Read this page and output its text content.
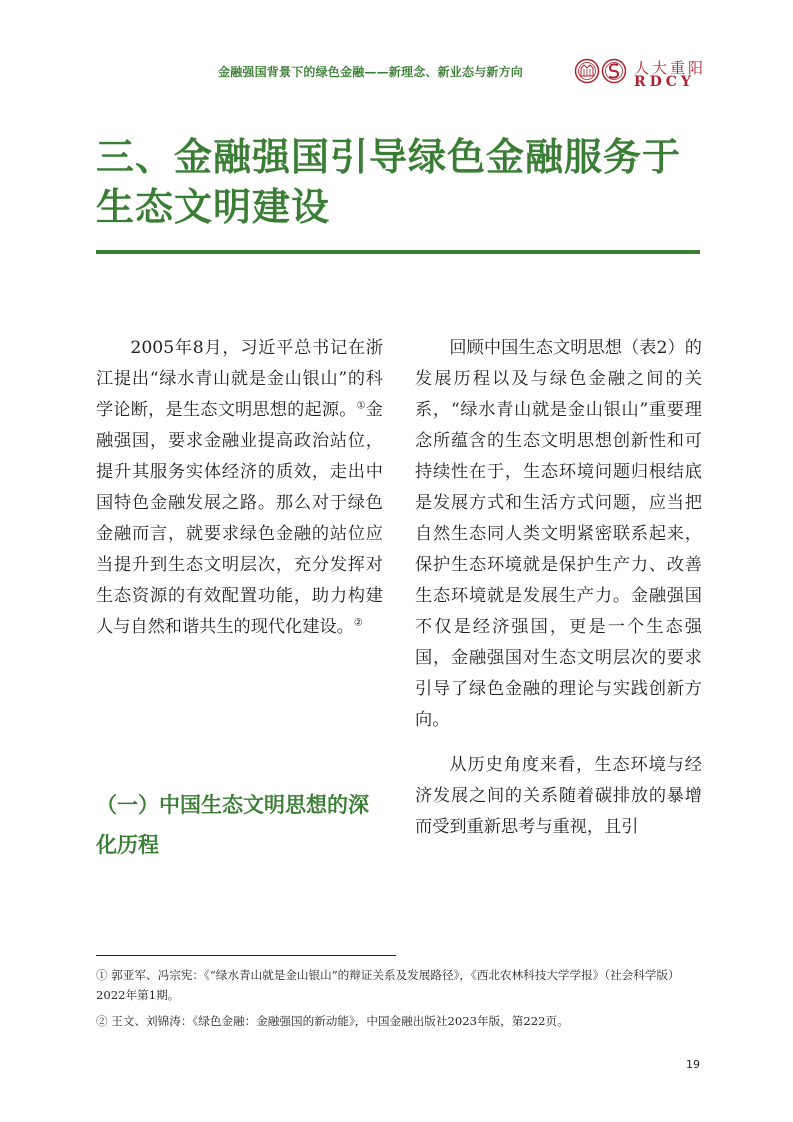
金融强国背景下的绿色金融——新理念、新业态与新方向	人大重阳
RDCY
三、金融强国引导绿色金融服务于生态文明建设

2005年8月，习近平总书记在浙江提出“绿水青山就是金山银山”的科学论断，是生态文明思想的起源。①金融强国，要求金融业提高政治站位，提升其服务实体经济的质效，走出中国特色金融发展之路。那么对于绿色金融而言，就要求绿色金融的站位应当提升到生态文明层次，充分发挥对生态资源的有效配置功能，助力构建人与自然和谐共生的现代化建设。②

（一）中国生态文明思想的深化历程

回顾中国生态文明思想（表2）的发展历程以及与绿色金融之间的关系，“绿水青山就是金山银山”重要理念所蕴含的生态文明思想创新性和可持续性在于，生态环境问题归根结底是发展方式和生活方式问题，应当把自然生态同人类文明紧密联系起来，保护生态环境就是保护生产力、改善生态环境就是发展生产力。金融强国不仅是经济强国，更是一个生态强国，金融强国对生态文明层次的要求引导了绿色金融的理论与实践创新方向。

从历史角度来看，生态环境与经济发展之间的关系随着碳排放的暴增而受到重新思考与重视，且引

① 郭亚军、冯宗宪：《“绿水青山就是金山银山”的辩证关系及发展路径》，《西北农林科技大学学报》（社会科学版）2022年第1期。
② 王文、刘锦涛：《绿色金融：金融强国的新动能》，中国金融出版社2023年版，第222页。
19
